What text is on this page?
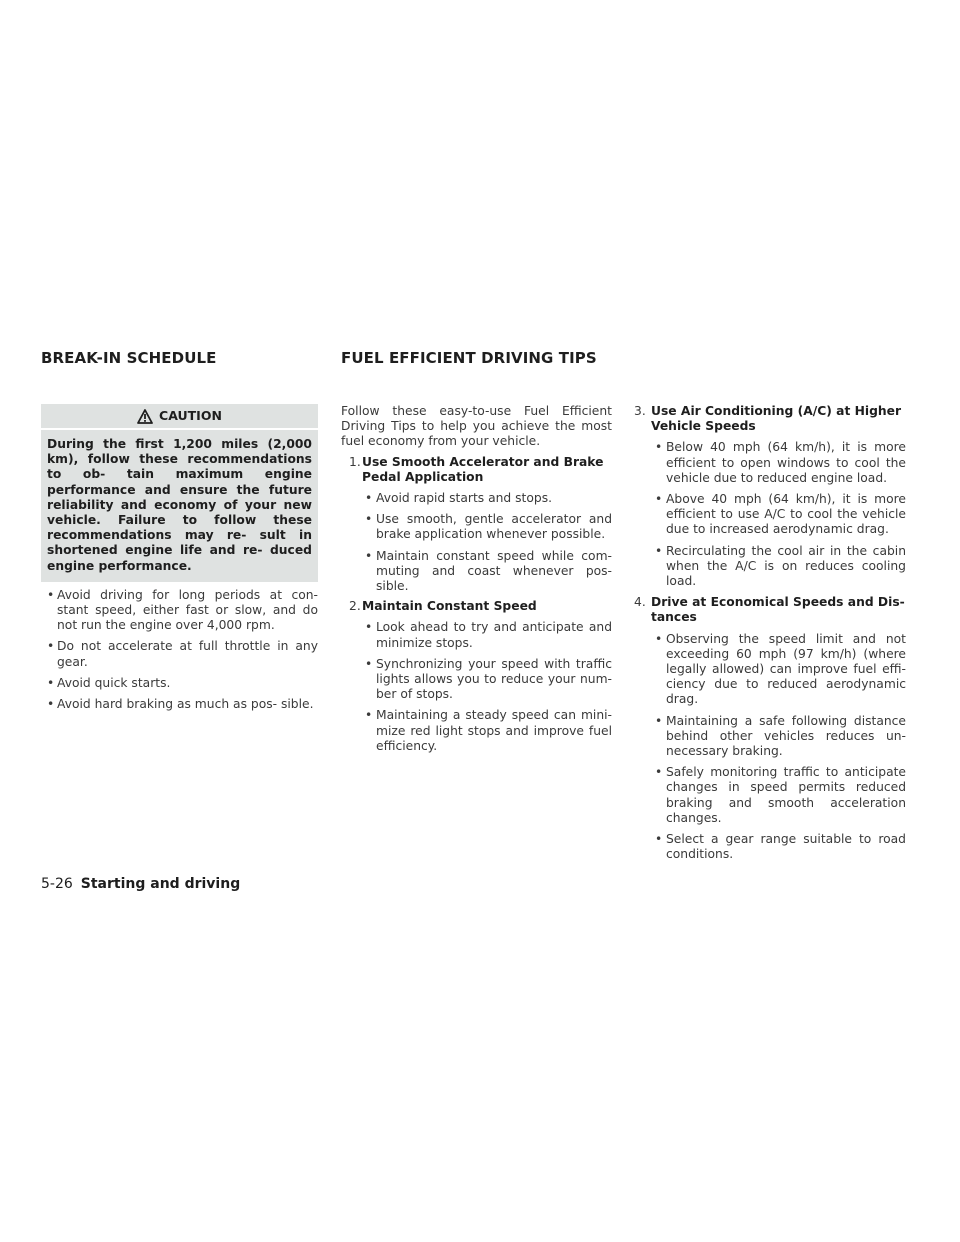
BREAK-IN SCHEDULE	FUEL EFFICIENT DRIVING TIPS
CAUTION
During the first 1,200 miles (2,000 km), follow these recommendations to ob- tain maximum engine performance and ensure the future reliability and economy of your new vehicle. Failure to follow these recommendations may re- sult in shortened engine life and re- duced engine performance.
• Avoid driving for long periods at con- stant speed, either fast or slow, and do not run the engine over 4,000 rpm.
• Do not accelerate at full throttle in any gear.
• Avoid quick starts.
• Avoid hard braking as much as pos- sible.

Follow these easy-to-use Fuel Efficient Driving Tips to help you achieve the most fuel economy from your vehicle.

1. Use Smooth Accelerator and Brake Pedal Application
• Avoid rapid starts and stops.
• Use smooth, gentle accelerator and brake application whenever possible.
• Maintain constant speed while com- muting and coast whenever pos- sible.
2. Maintain Constant Speed
• Look ahead to try and anticipate and minimize stops.
• Synchronizing your speed with traffic lights allows you to reduce your num- ber of stops.
• Maintaining a steady speed can mini- mize red light stops and improve fuel efficiency.
3. Use Air Conditioning (A/C) at Higher Vehicle Speeds
• Below 40 mph (64 km/h), it is more efficient to open windows to cool the vehicle due to reduced engine load.
• Above 40 mph (64 km/h), it is more efficient to use A/C to cool the vehicle due to increased aerodynamic drag.
• Recirculating the cool air in the cabin when the A/C is on reduces cooling load.
4. Drive at Economical Speeds and Dis- tances
• Observing the speed limit and not exceeding 60 mph (97 km/h) (where legally allowed) can improve fuel effi- ciency due to reduced aerodynamic drag.
• Maintaining a safe following distance behind other vehicles reduces un- necessary braking.
• Safely monitoring traffic to anticipate changes in speed permits reduced braking and smooth acceleration changes.
• Select a gear range suitable to road conditions.
5-26 Starting and driving
